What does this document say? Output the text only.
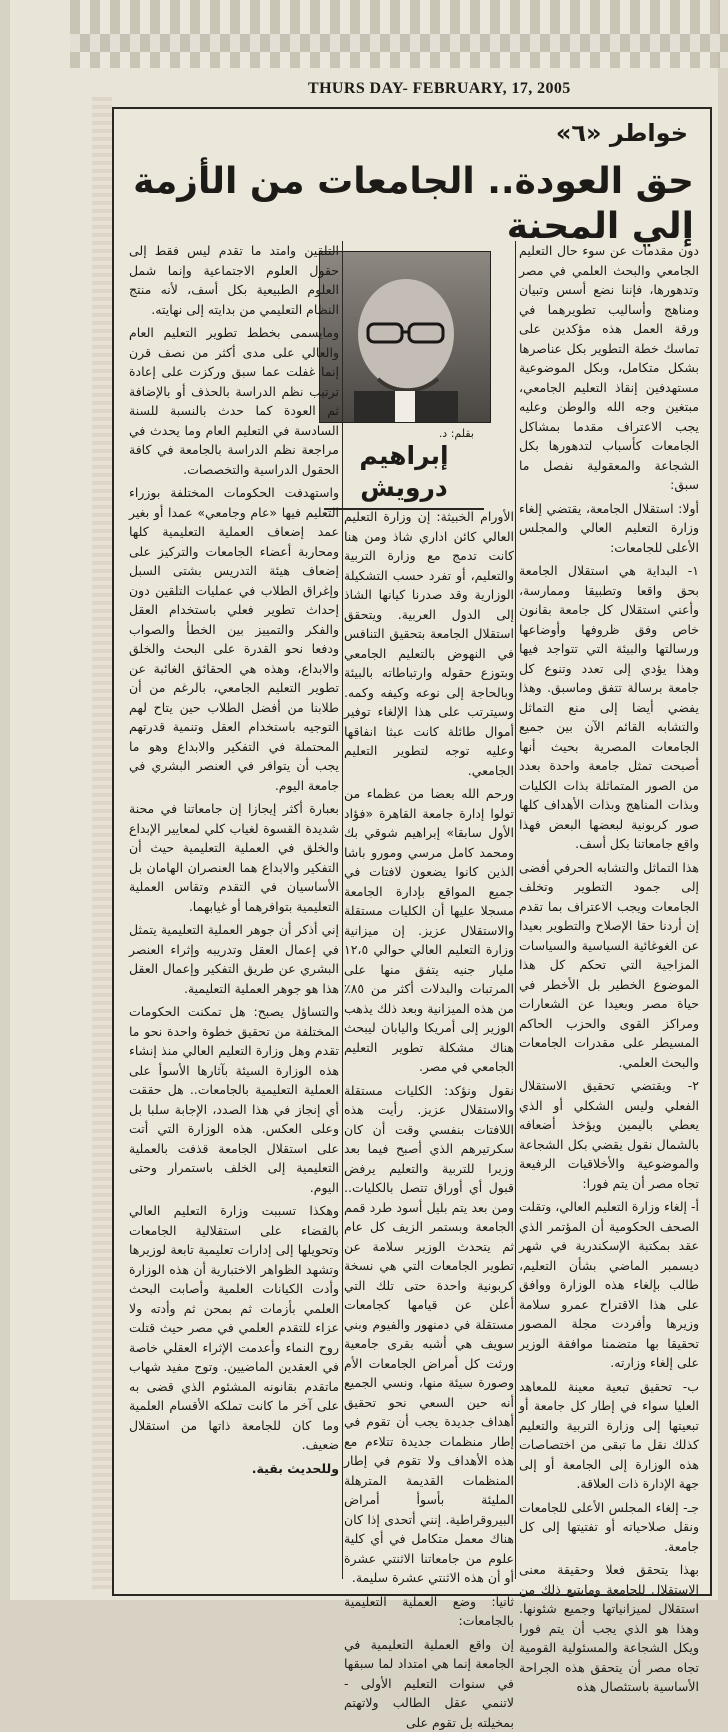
THURS DAY- FEBRUARY, 17, 2005
خواطر «٦»
حق العودة.. الجامعات من الأزمة إلي المحنة

دون مقدمات عن سوء حال التعليم الجامعي والبحث العلمي في مصر وتدهورها، فإننا نضع أسس وتبيان ومناهج وأساليب تطويرهما في ورقة العمل هذه مؤكدين على تماسك خطة التطوير بكل عناصرها بشكل متكامل، وبكل الموضوعية مستهدفين إنقاذ التعليم الجامعي، مبتغين وجه الله والوطن وعليه يجب الاعتراف مقدما بمشاكل الجامعات كأسباب لتدهورها بكل الشجاعة والمعقولية نفصل ما سبق:

أولا: استقلال الجامعة، يقتضي إلغاء وزارة التعليم العالي والمجلس الأعلى للجامعات:

١- البداية هي استقلال الجامعة بحق واقعا وتطبيقا وممارسة، وأعني استقلال كل جامعة بقانون خاص وفق ظروفها وأوضاعها ورسالتها والبيئة التي تتواجد فيها وهذا يؤدي إلى تعدد وتنوع كل جامعة برسالة تتفق وماسبق. وهذا يفضي أيضا إلى منع التماثل والتشابه القائم الآن بين جميع الجامعات المصرية بحيث أنها أصبحت تمثل جامعة واحدة بعدد من الصور المتماثلة بذات الكليات وبذات المناهج وبذات الأهداف كلها صور كربونية لبعضها البعض فهذا واقع جامعاتنا بكل أسف.

هذا التماثل والتشابه الحرفي أفضى إلى جمود التطوير وتخلف الجامعات ويجب الاعتراف بما تقدم إن أردنا حقا الإصلاح والتطوير بعيدا عن الغوغائية السياسية والسياسات المزاجية التي تحكم كل هذا الموضوع الخطير بل الأخطر في حياة مصر وبعيدا عن الشعارات ومراكز القوى والحزب الحاكم المسيطر على مقدرات الجامعات والبحث العلمي.

٢- ويقتضي تحقيق الاستقلال الفعلي وليس الشكلي أو الذي يعطي باليمين ويؤخذ أضعافه بالشمال نقول يقضي بكل الشجاعة والموضوعية والأخلاقيات الرفيعة تجاه مصر أن يتم فورا:

أ- إلغاء وزارة التعليم العالي، وتقلت الصحف الحكومية أن المؤتمر الذي عقد بمكتبة الإسكندرية في شهر ديسمبر الماضي بشأن التعليم، طالب بإلغاء هذه الوزارة ووافق على هذا الاقتراح عمرو سلامة وزيرها وأفردت مجلة المصور تحقيقا بها متضمنا موافقة الوزير على إلغاء وزارته.

ب- تحقيق تبعية معينة للمعاهد العليا سواء في إطار كل جامعة أو تبعيتها إلى وزارة التربية والتعليم كذلك نقل ما تبقى من اختصاصات هذه الوزارة إلى الجامعة أو إلى جهة الإدارة ذات العلاقة.

جـ- إلغاء المجلس الأعلى للجامعات ونقل صلاحياته أو تفتيتها إلى كل جامعة.

بهذا يتحقق فعلا وحقيقة معنى الاستقلال للجامعة ومايتبع ذلك من استقلال لميزانياتها وجميع شئونها. وهذا هو الذي يجب أن يتم فورا ويكل الشجاعة والمسئولية القومية تجاه مصر أن يتحقق هذه الجراحة الأساسية باستئصال هذه

بقلم: د.
إبراهيم درويش

الأورام الخبيثة: إن وزارة التعليم العالي كائن اداري شاذ ومن هنا كانت تدمج مع وزارة التربية والتعليم، أو تفرد حسب التشكيلة الوزارية وقد صدرنا كيانها الشاذ إلى الدول العربية. ويتحقق استقلال الجامعة بتحقيق التنافس في النهوض بالتعليم الجامعي وبتوزع حقوله وارتباطاته بالبيئة وبالحاجة إلى نوعه وكيفه وكمه. وسيترتب على هذا الإلغاء توفير أموال طائلة كانت عبثا انفاقها وعليه توجه لتطوير التعليم الجامعي.

ورحم الله بعضا من عظماء من تولوا إدارة جامعة القاهرة «فؤاد الأول سابقا» إبراهيم شوقي بك ومحمد كامل مرسي ومورو باشا الذين كانوا يضعون لافتات في جميع المواقع بإدارة الجامعة مسجلا عليها أن الكليات مستقلة والاستقلال عزيز. إن ميزانية وزارة التعليم العالي حوالي ١٢،٥ مليار جنيه يتفق منها على المرتبات والبدلات أكثر من ٨٥٪ من هذه الميزانية وبعد ذلك يذهب الوزير إلى أمريكا واليابان ليبحث هناك مشكلة تطوير التعليم الجامعي في مصر.

نقول ونؤكد: الكليات مستقلة والاستقلال عزيز. رأيت هذه اللافتات بنفسي وقت أن كان سكرتيرهم الذي أصبح فيما بعد وزيرا للتربية والتعليم يرفض قبول أي أوراق تتصل بالكليات.. ومن بعد يتم بليل أسود طرد قمم الجامعة وبستمر الزيف كل عام ثم يتحدث الوزير سلامة عن تطوير الجامعات التي هي نسخة كربونية واحدة حتى تلك التي أعلن عن قيامها كجامعات مستقلة في دمنهور والفيوم وبني سويف هي أشبه بقرى جامعية ورثت كل أمراض الجامعات الأم وصورة سيئة منها، ونسي الجميع أنه حين السعي نحو تحقيق أهداف جديدة يجب أن تقوم في إطار منظمات جديدة تتلاءم مع هذه الأهداف ولا تقوم في إطار المنظمات القديمة المترهلة المليئة بأسوأ أمراض البيروقراطية. إنني أتحدى إذا كان هناك معمل متكامل في أي كلية علوم من جامعاتنا الاثنتي عشرة أو أن هذه الاثنتي عشرة سليمة.

ثانيا: وضع العملية التعليمية بالجامعات:

إن واقع العملية التعليمية في الجامعة إنما هي امتداد لما سبقها في سنوات التعليم الأولى - لاتنمي عقل الطالب ولاتهتم بمخيلته بل تقوم على

التلقين وامتد ما تقدم ليس فقط إلى حقول العلوم الاجتماعية وإنما شمل العلوم الطبيعية بكل أسف، لأنه منتج النظام التعليمي من بدايته إلى نهايته.

ومايسمى بخطط تطوير التعليم العام والعالي على مدى أكثر من نصف قرن إنما غفلت عما سبق وركزت على إعادة ترتيب نظم الدراسة بالحذف أو بالإضافة ثم العودة كما حدث بالنسبة للسنة السادسة في التعليم العام وما يحدث في مراجعة نظم الدراسة بالجامعة في كافة الحقول الدراسية والتخصصات.

واستهدفت الحكومات المختلفة بوزراء التعليم فيها «عام وجامعي» عمدا أو بغير عمد إضعاف العملية التعليمية كلها ومحاربة أعضاء الجامعات والتركيز على إضعاف هيئة التدريس بشتى السبل وإغراق الطلاب في عمليات التلقين دون إحداث تطوير فعلي باستخدام العقل والفكر والتمييز بين الخطأ والصواب ودفعا نحو القدرة على البحث والخلق والابداع، وهذه هي الحقائق الغائبة عن تطوير التعليم الجامعي، بالرغم من أن طلابنا من أفضل الطلاب حين يتاح لهم التوجيه باستخدام العقل وتنمية قدرتهم المحتملة في التفكير والابداع وهو ما يجب أن يتوافر في العنصر البشري في جامعة اليوم.

بعبارة أكثر إيجازا إن جامعاتنا في محنة شديدة القسوة لغياب كلي لمعايير الإبداع والخلق في العملية التعليمية حيث أن التفكير والابداع هما العنصران الهامان بل الأساسيان في التقدم وتقاس العملية التعليمية بتوافرهما أو غيابهما.

إني أذكر أن جوهر العملية التعليمية يتمثل في إعمال العقل وتدريبه وإثراء العنصر البشري عن طريق التفكير وإعمال العقل هذا هو جوهر العملية التعليمية.

والتساؤل يصبح: هل تمكنت الحكومات المختلفة من تحقيق خطوة واحدة نحو ما تقدم وهل وزارة التعليم العالي منذ إنشاء هذه الوزارة السيئة بآثارها الأسوأ على العملية التعليمية بالجامعات.. هل حققت أي إنجاز في هذا الصدد، الإجابة سلبا بل وعلى العكس. هذه الوزارة التي أتت على استقلال الجامعة قذفت بالعملية التعليمية إلى الخلف باستمرار وحتى اليوم.

وهكذا تسببت وزارة التعليم العالي بالقضاء على استقلالية الجامعات وتحويلها إلى إدارات تعليمية تابعة لوزيرها وتشهد الظواهر الاختبارية أن هذه الوزارة وأدت الكيانات العلمية وأصابت البحث العلمي بأزمات ثم بمحن ثم وأدته ولا عزاء للتقدم العلمي في مصر حيث قتلت روح النماء وأعدمت الإثراء العقلي خاصة في العقدين الماضيين. وتوج مفيد شهاب ماتقدم بقانونه المشئوم الذي قضى به على آخر ما كانت تملكه الأقسام العلمية وما كان للجامعة ذاتها من استقلال ضعيف.

وللحديث بقية.
